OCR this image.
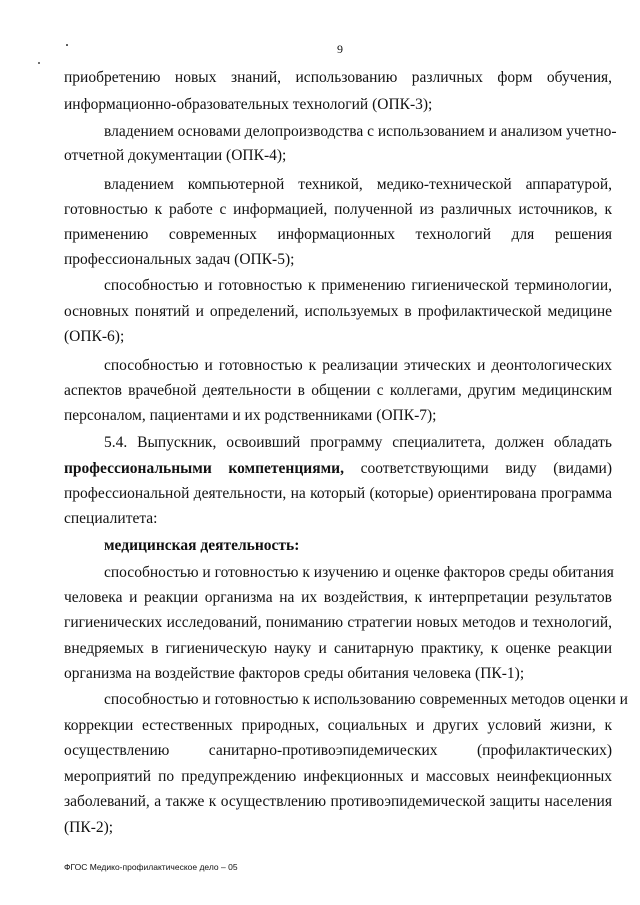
9
приобретению новых знаний, использованию различных форм обучения,
информационно-образовательных технологий (ОПК-3);
владением основами делопроизводства с использованием и анализом учетно-
отчетной документации (ОПК-4);
владением компьютерной техникой, медико-технической аппаратурой,
готовностью к работе с информацией, полученной из различных источников, к
применению современных информационных технологий для решения
профессиональных задач (ОПК-5);
способностью и готовностью к применению гигиенической терминологии,
основных понятий и определений, используемых в профилактической медицине
(ОПК-6);
способностью и готовностью к реализации этических и деонтологических
аспектов врачебной деятельности в общении с коллегами, другим медицинским
персоналом, пациентами и их родственниками (ОПК-7);
5.4. Выпускник, освоивший программу специалитета, должен обладать
профессиональными компетенциями, соответствующими виду (видами)
профессиональной деятельности, на который (которые) ориентирована программа
специалитета:
медицинская деятельность:
способностью и готовностью к изучению и оценке факторов среды обитания
человека и реакции организма на их воздействия, к интерпретации результатов
гигиенических исследований, пониманию стратегии новых методов и технологий,
внедряемых в гигиеническую науку и санитарную практику, к оценке реакции
организма на воздействие факторов среды обитания человека (ПК-1);
способностью и готовностью к использованию современных методов оценки и
коррекции естественных природных, социальных и других условий жизни, к
осуществлению санитарно-противоэпидемических (профилактических)
мероприятий по предупреждению инфекционных и массовых неинфекционных
заболеваний, а также к осуществлению противоэпидемической защиты населения
(ПК-2);
ФГОС Медико-профилактическое дело – 05
